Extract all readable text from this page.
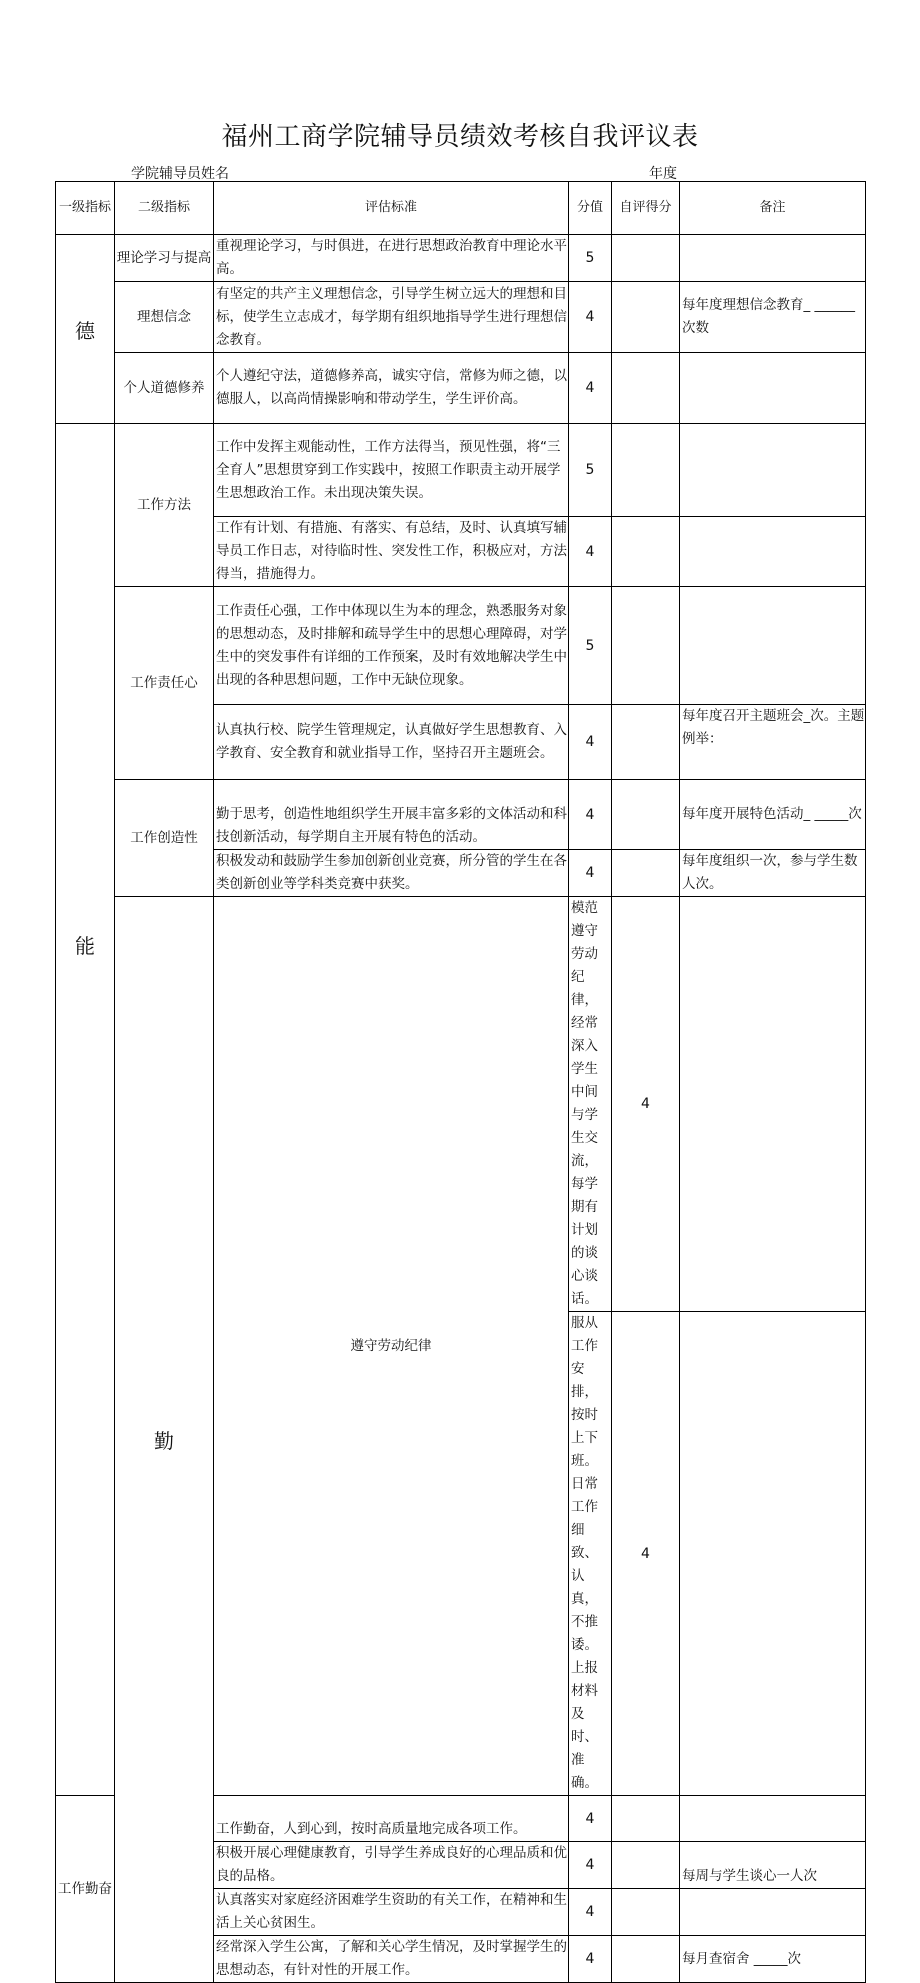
福州工商学院辅导员绩效考核自我评议表
学院辅导员姓名	年度
一级指标	二级指标	评估标准	分值	自评得分	备注	
德	理论学习与提高	重视理论学习，与时俱进，在进行思想政治教育中理论水平高。	5			
	理想信念	有坚定的共产主义理想信念，引导学生树立远大的理想和目标，使学生立志成才，每学期有组织地指导学生进行理想信念教育。	4		每年度理想信念教育_ ______次数	
	个人道德修养	个人遵纪守法，道德修养高，诚实守信，常修为师之德，以德服人，以高尚情操影响和带动学生，学生评价高。	4			

能	工作方法	工作中发挥主观能动性，工作方法得当，预见性强，将“三全育人”思想贯穿到工作实践中，按照工作职责主动开展学生思想政治工作。未出现决策失误。	5			
		工作有计划、有措施、有落实、有总结，及时、认真填写辅导员工作日志，对待临时性、突发性工作，积极应对，方法得当，措施得力。	4			
	工作责任心	工作责任心强，工作中体现以生为本的理念，熟悉服务对象的思想动态，及时排解和疏导学生中的思想心理障碍，对学生中的突发事件有详细的工作预案，及时有效地解决学生中出现的各种思想问题，工作中无缺位现象。	5			
		认真执行校、院学生管理规定，认真做好学生思想教育、入学教育、安全教育和就业指导工作，坚持召开主题班会。	4		每年度召开主题班会_次。主题例举：	
	工作创造性	勤于思考，创造性地组织学生开展丰富多彩的文体活动和科技创新活动，每学期自主开展有特色的活动。	4		每年度开展特色活动_ _____次	
		积极发动和鼓励学生参加创新创业竞赛，所分管的学生在各类创新创业等学科类竞赛中获奖。	4		每年度组织一次，参与学生数　　　人次。	
	勤	遵守劳动纪律	模范遵守劳动纪律，经常深入学生中间与学生交流，每学期有计划的谈心谈话。	4		
			服从工作安排，按时上下班。日常工作细致、认真，不推诿。上报材料及时、准确。	4		
工作勤奋		工作勤奋，人到心到，按时高质量地完成各项工作。	4			
		积极开展心理健康教育，引导学生养成良好的心理品质和优良的品格。	4		每周与学生谈心一人次	
		认真落实对家庭经济困难学生资助的有关工作，在精神和生活上关心贫困生。	4			
		经常深入学生公寓，了解和关心学生情况，及时掌握学生的思想动态，有针对性的开展工作。	4		每月查宿舍 _____次	
